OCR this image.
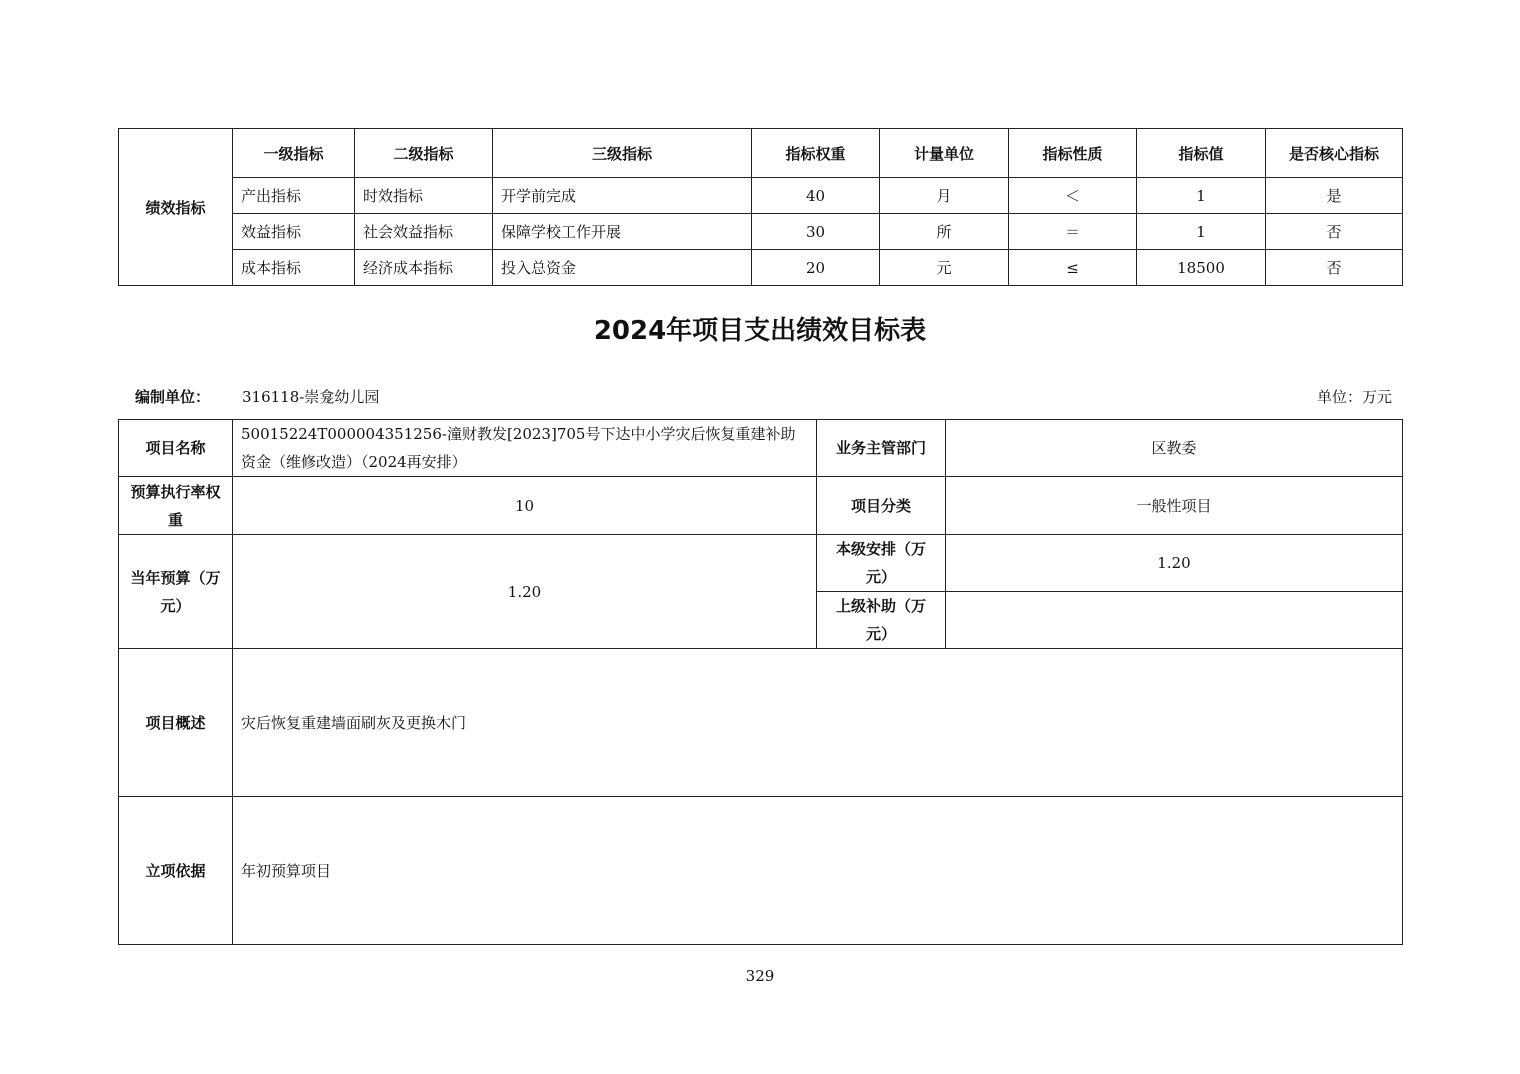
绩效指标	一级指标	二级指标	三级指标	指标权重	计量单位	指标性质	指标值	是否核心指标
	产出指标	时效指标	开学前完成	40	月	＜	1	是
	效益指标	社会效益指标	保障学校工作开展	30	所	＝	1	否
	成本指标	经济成本指标	投入总资金	20	元	≤	18500	否
2024年项目支出绩效目标表
编制单位： 316118-崇龛幼儿园	单位：万元
项目名称	50015224T000004351256-潼财教发[2023]705号下达中小学灾后恢复重建补助资金（维修改造）（2024再安排）	业务主管部门	区教委
预算执行率权重	10	项目分类	一般性项目
当年预算（万元）	1.20	本级安排（万元）	1.20
		上级补助（万元）	
项目概述	灾后恢复重建墙面刷灰及更换木门		
立项依据	年初预算项目		
329
